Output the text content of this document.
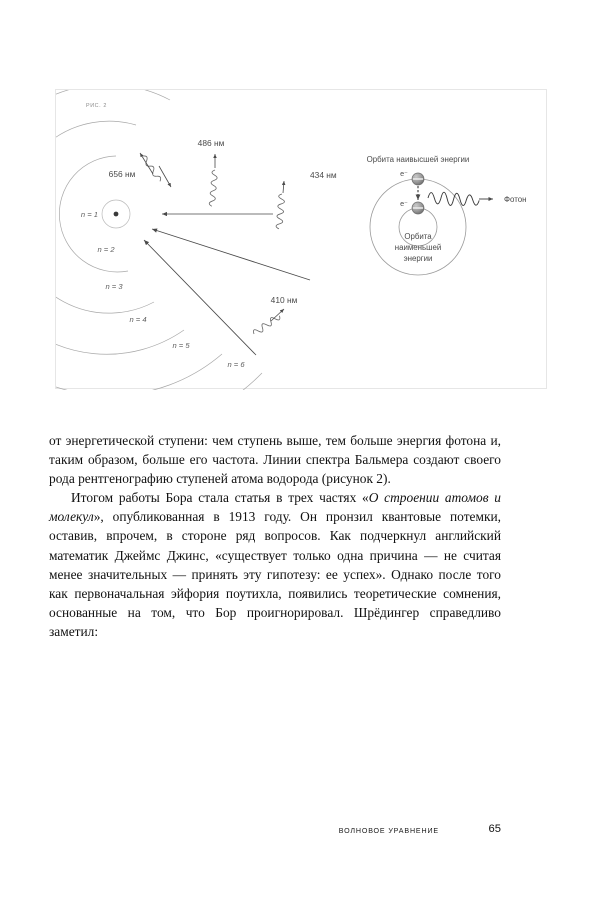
РИС. 2
n = 1
n = 2
n = 3
n = 4
n = 5
n = 6
656 нм
486 нм
434 нм
410 нм
e⁻
e⁻
Орбита наивысшей энергии
Фотон
Орбита
наименьшей
энергии

от энергетической ступени: чем ступень выше, тем больше энергия фотона и, таким образом, больше его частота. Линии спектра Бальмера создают своего рода рентгенографию ступеней атома водорода (рисунок 2).

Итогом работы Бора стала статья в трех частях «О строении атомов и молекул», опубликованная в 1913 году. Он пронзил квантовые потемки, оставив, впрочем, в стороне ряд вопросов. Как подчеркнул английский математик Джеймс Джинс, «существует только одна причина — не считая менее значительных — принять эту гипотезу: ее успех». Однако после того как первоначальная эйфория поутихла, появились теоретические сомнения, основанные на том, что Бор проигнорировал. Шрёдингер справедливо заметил:

ВОЛНОВОЕ УРАВНЕНИЕ	65
